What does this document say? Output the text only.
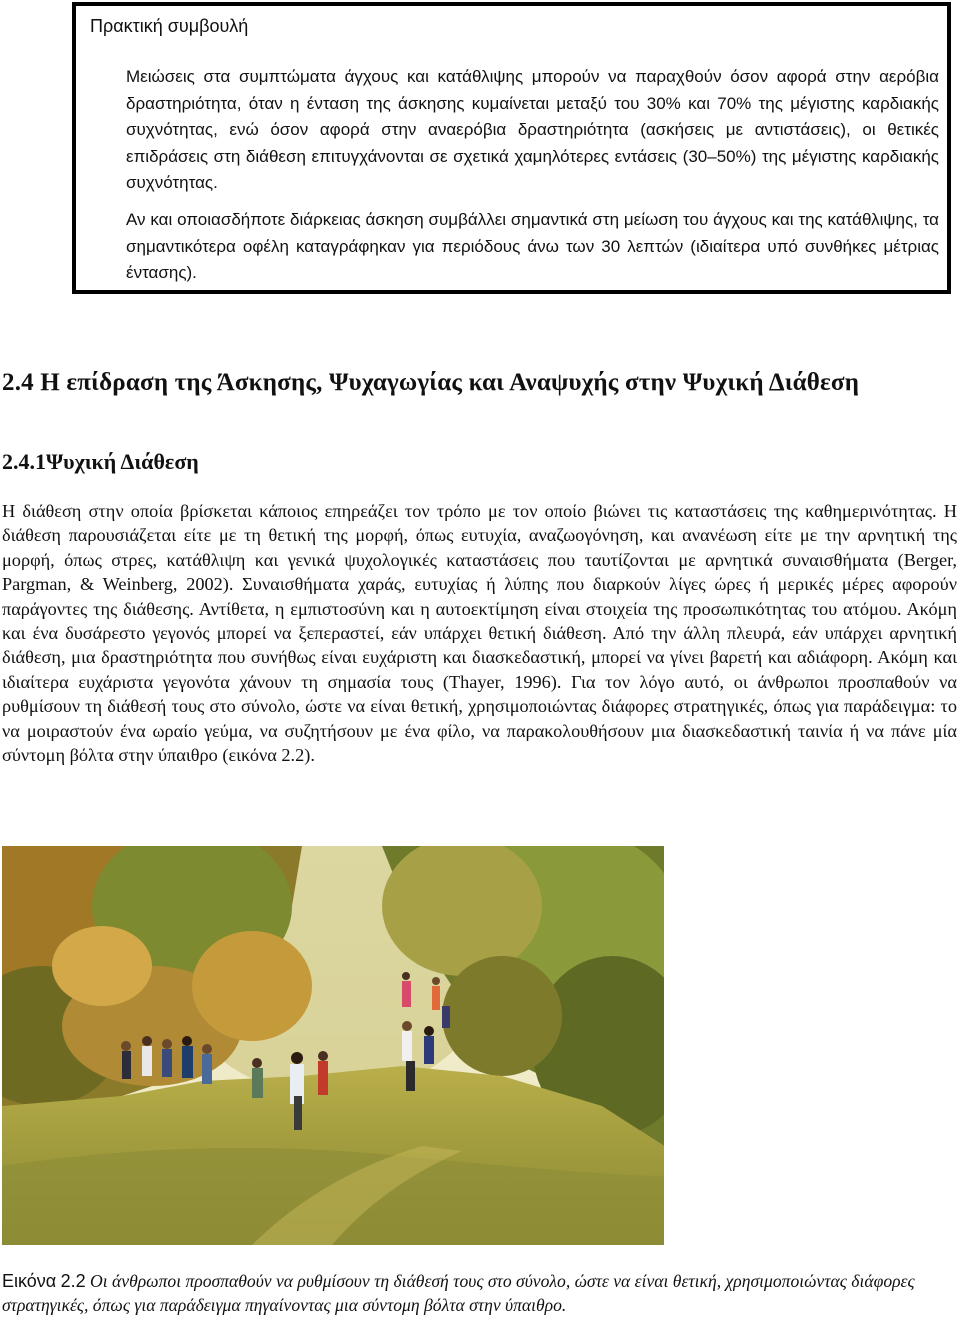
Πρακτική συμβουλή

Μειώσεις στα συμπτώματα άγχους και κατάθλιψης μπορούν να παραχθούν όσον αφορά στην αερόβια δραστηριότητα, όταν η ένταση της άσκησης κυμαίνεται μεταξύ του 30% και 70% της μέγιστης καρδιακής συχνότητας, ενώ όσον αφορά στην αναερόβια δραστηριότητα (ασκήσεις με αντιστάσεις), οι θετικές επιδράσεις στη διάθεση επιτυγχάνονται σε σχετικά χαμηλότερες εντάσεις (30–50%) της μέγιστης καρδιακής συχνότητας.

Αν και οποιασδήποτε διάρκειας άσκηση συμβάλλει σημαντικά στη μείωση του άγχους και της κατάθλιψης, τα σημαντικότερα οφέλη καταγράφηκαν για περιόδους άνω των 30 λεπτών (ιδιαίτερα υπό συνθήκες μέτριας έντασης).

2.4 Η επίδραση της Άσκησης, Ψυχαγωγίας και Αναψυχής στην Ψυχική Διάθεση
2.4.1Ψυχική Διάθεση

Η διάθεση στην οποία βρίσκεται κάποιος επηρεάζει τον τρόπο με τον οποίο βιώνει τις καταστάσεις της καθημερινότητας. Η διάθεση παρουσιάζεται είτε με τη θετική της μορφή, όπως ευτυχία, αναζωογόνηση, και ανανέωση είτε με την αρνητική της μορφή, όπως στρες, κατάθλιψη και γενικά ψυχολογικές καταστάσεις που ταυτίζονται με αρνητικά συναισθήματα (Berger, Pargman, & Weinberg, 2002). Συναισθήματα χαράς, ευτυχίας ή λύπης που διαρκούν λίγες ώρες ή μερικές μέρες αφορούν παράγοντες της διάθεσης. Αντίθετα, η εμπιστοσύνη και η αυτοεκτίμηση είναι στοιχεία της προσωπικότητας του ατόμου. Ακόμη και ένα δυσάρεστο γεγονός μπορεί να ξεπεραστεί, εάν υπάρχει θετική διάθεση. Από την άλλη πλευρά, εάν υπάρχει αρνητική διάθεση, μια δραστηριότητα που συνήθως είναι ευχάριστη και διασκεδαστική, μπορεί να γίνει βαρετή και αδιάφορη. Ακόμη και ιδιαίτερα ευχάριστα γεγονότα χάνουν τη σημασία τους (Thayer, 1996). Για τον λόγο αυτό, οι άνθρωποι προσπαθούν να ρυθμίσουν τη διάθεσή τους στο σύνολο, ώστε να είναι θετική, χρησιμοποιώντας διάφορες στρατηγικές, όπως για παράδειγμα: το να μοιραστούν ένα ωραίο γεύμα, να συζητήσουν με ένα φίλο, να παρακολουθήσουν μια διασκεδαστική ταινία ή να πάνε μία σύντομη βόλτα στην ύπαιθρο (εικόνα 2.2).

Εικόνα 2.2 Οι άνθρωποι προσπαθούν να ρυθμίσουν τη διάθεσή τους στο σύνολο, ώστε να είναι θετική, χρησιμοποιώντας διάφορες στρατηγικές, όπως για παράδειγμα πηγαίνοντας μια σύντομη βόλτα στην ύπαιθρο.
